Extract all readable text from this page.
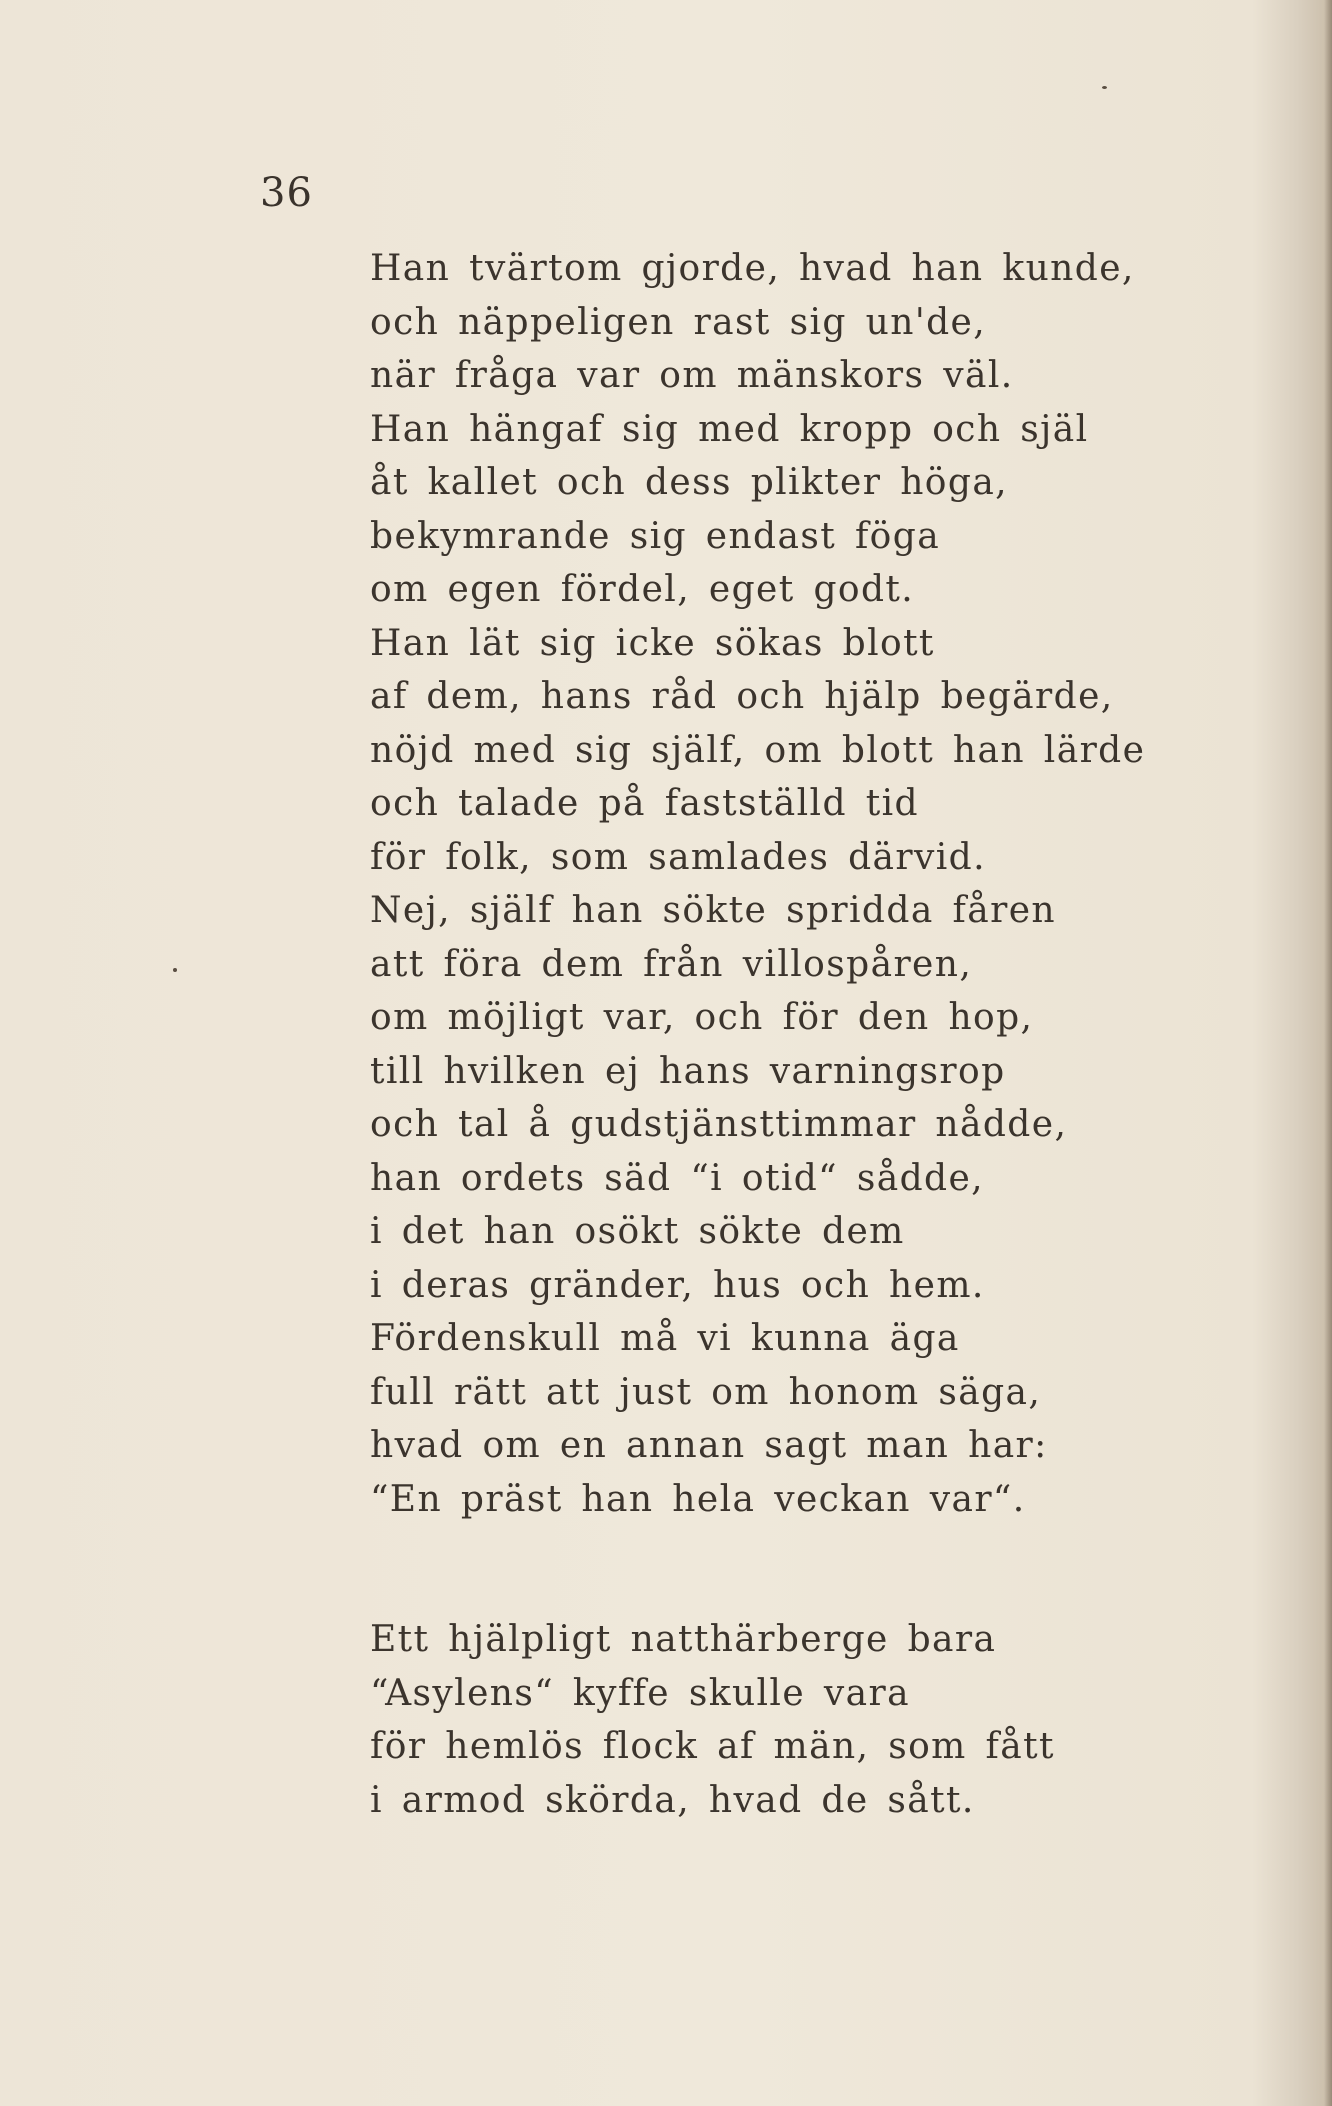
36
Han tvärtom gjorde, hvad han kunde,
och näppeligen rast sig un'de,
när fråga var om mänskors väl.
Han hängaf sig med kropp och själ
åt kallet och dess plikter höga,
bekymrande sig endast föga
om egen fördel, eget godt.
Han lät sig icke sökas blott
af dem, hans råd och hjälp begärde,
nöjd med sig själf, om blott han lärde
och talade på fastställd tid
för folk, som samlades därvid.
Nej, själf han sökte spridda fåren
att föra dem från villospåren,
om möjligt var, och för den hop,
till hvilken ej hans varningsrop
och tal å gudstjänsttimmar nådde,
han ordets säd “i otid“ sådde,
i det han osökt sökte dem
i deras gränder, hus och hem.
Fördenskull må vi kunna äga
full rätt att just om honom säga,
hvad om en annan sagt man har:
“En präst han hela veckan var“.
Ett hjälpligt natthärberge bara
“Asylens“ kyffe skulle vara
för hemlös flock af män, som fått
i armod skörda, hvad de sått.
